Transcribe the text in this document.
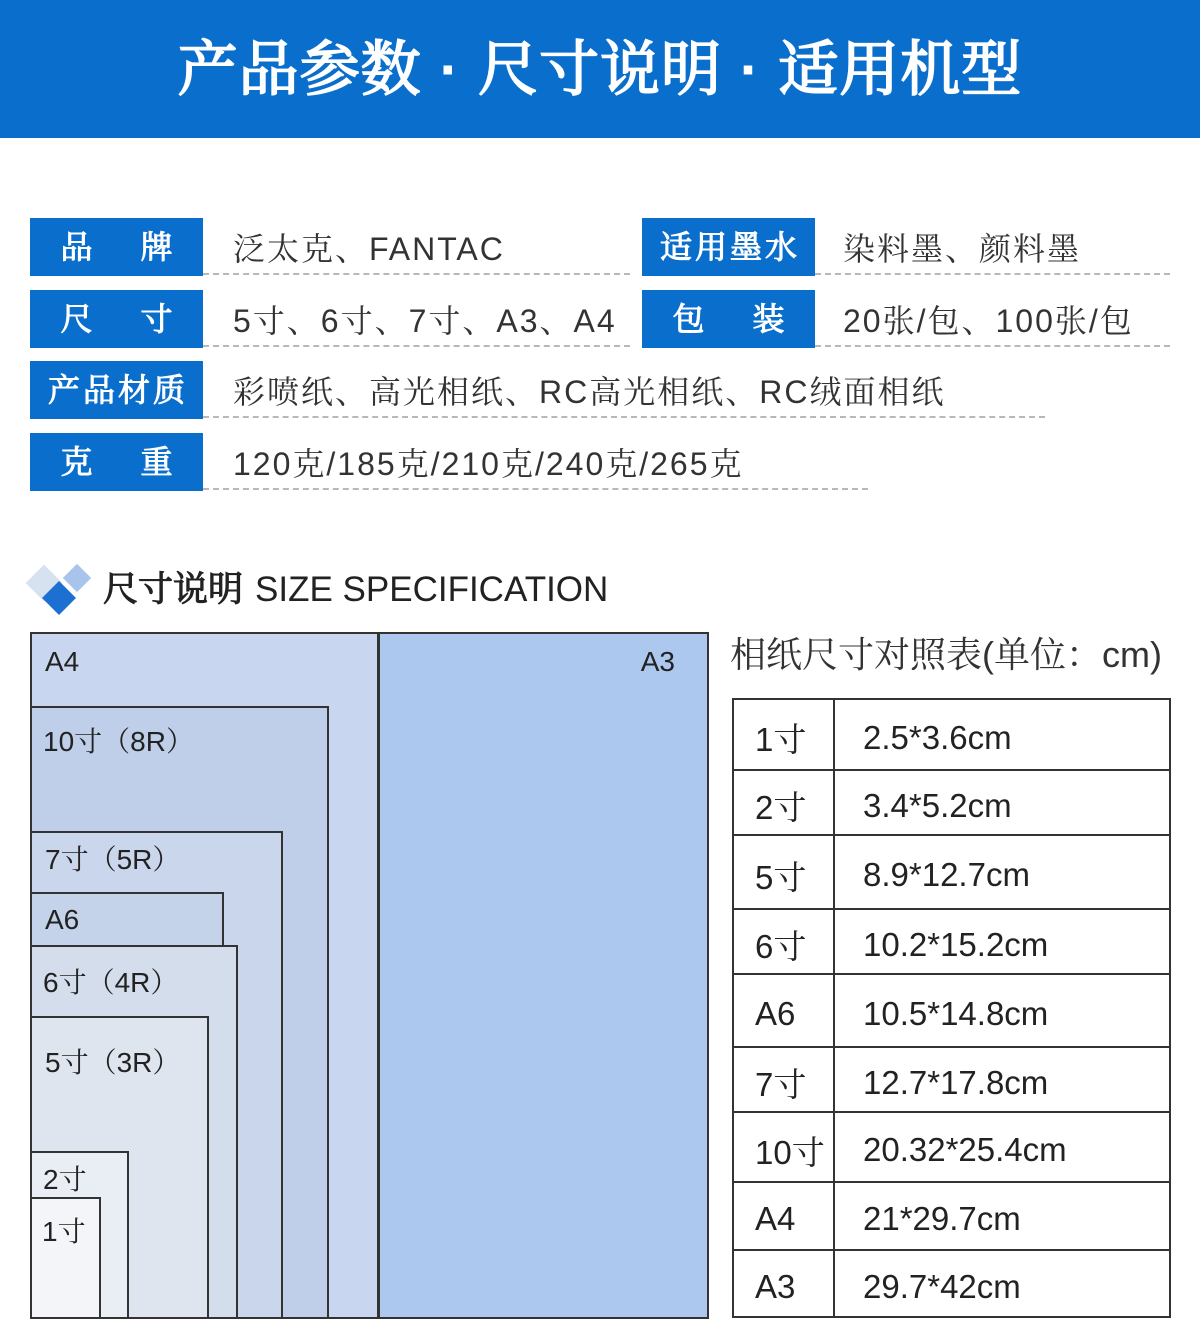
产品参数 · 尺寸说明 · 适用机型
品　牌	泛太克、FANTAC	适用墨水	染料墨、颜料墨
尺　寸	5寸、6寸、7寸、A3、A4	包　装	20张/包、100张/包
产品材质	彩喷纸、高光相纸、RC高光相纸、RC绒面相纸
克　重	120克/185克/210克/240克/265克
尺寸说明 SIZE SPECIFICATION
A4	A3
10寸（8R）
7寸（5R）
A6
6寸（4R）
5寸（3R）
2寸
1寸
相纸尺寸对照表(单位：cm)
1寸	2.5*3.6cm
2寸	3.4*5.2cm
5寸	8.9*12.7cm
6寸	10.2*15.2cm
A6	10.5*14.8cm
7寸	12.7*17.8cm
10寸	20.32*25.4cm
A4	21*29.7cm
A3	29.7*42cm
